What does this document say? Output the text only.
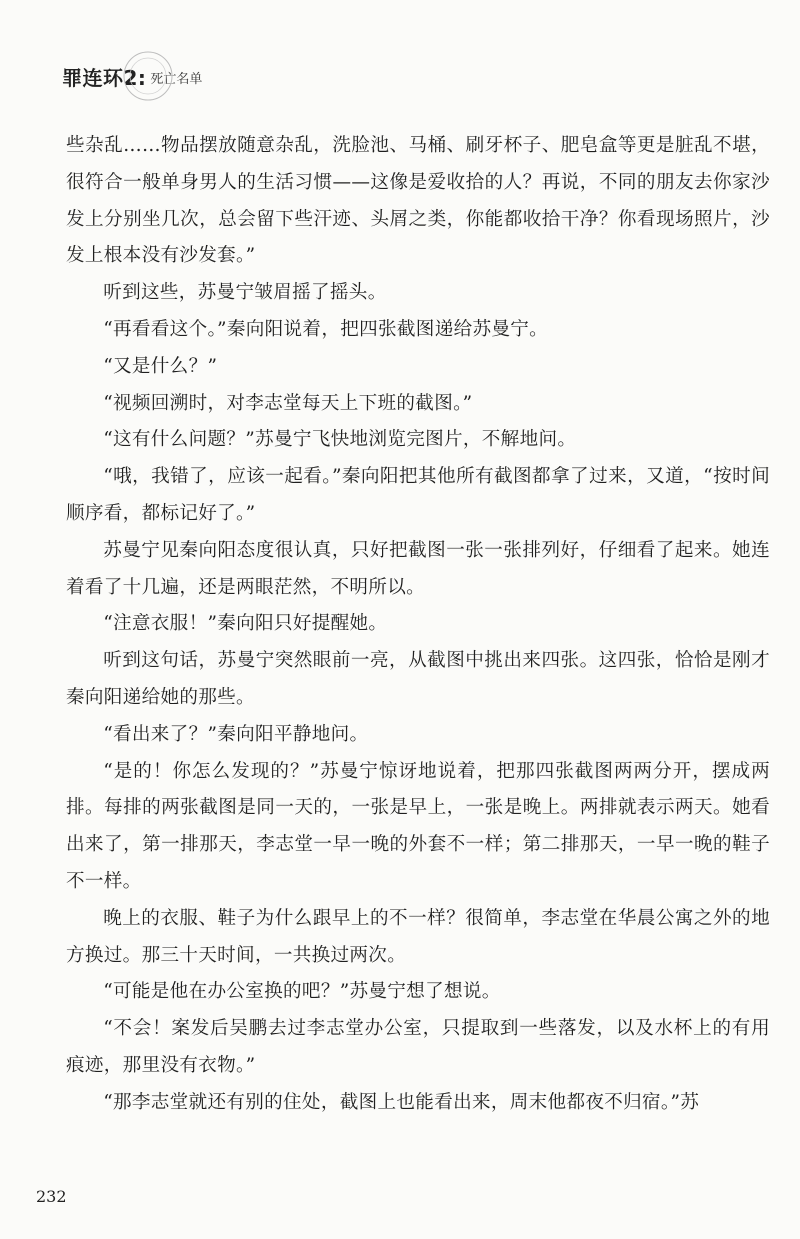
罪连环2: 死亡名单

些杂乱……物品摆放随意杂乱，洗脸池、马桶、刷牙杯子、肥皂盒等更是脏乱不堪，很符合一般单身男人的生活习惯——这像是爱收拾的人？再说，不同的朋友去你家沙发上分别坐几次，总会留下些汗迹、头屑之类，你能都收拾干净？你看现场照片，沙发上根本没有沙发套。”

听到这些，苏曼宁皱眉摇了摇头。

“再看看这个。”秦向阳说着，把四张截图递给苏曼宁。

“又是什么？”

“视频回溯时，对李志堂每天上下班的截图。”

“这有什么问题？”苏曼宁飞快地浏览完图片，不解地问。

“哦，我错了，应该一起看。”秦向阳把其他所有截图都拿了过来，又道，“按时间顺序看，都标记好了。”

苏曼宁见秦向阳态度很认真，只好把截图一张一张排列好，仔细看了起来。她连着看了十几遍，还是两眼茫然，不明所以。

“注意衣服！”秦向阳只好提醒她。

听到这句话，苏曼宁突然眼前一亮，从截图中挑出来四张。这四张，恰恰是刚才秦向阳递给她的那些。

“看出来了？”秦向阳平静地问。

“是的！你怎么发现的？”苏曼宁惊讶地说着，把那四张截图两两分开，摆成两排。每排的两张截图是同一天的，一张是早上，一张是晚上。两排就表示两天。她看出来了，第一排那天，李志堂一早一晚的外套不一样；第二排那天，一早一晚的鞋子不一样。

晚上的衣服、鞋子为什么跟早上的不一样？很简单，李志堂在华晨公寓之外的地方换过。那三十天时间，一共换过两次。

“可能是他在办公室换的吧？”苏曼宁想了想说。

“不会！案发后吴鹏去过李志堂办公室，只提取到一些落发，以及水杯上的有用痕迹，那里没有衣物。”

“那李志堂就还有别的住处，截图上也能看出来，周末他都夜不归宿。”苏

232
